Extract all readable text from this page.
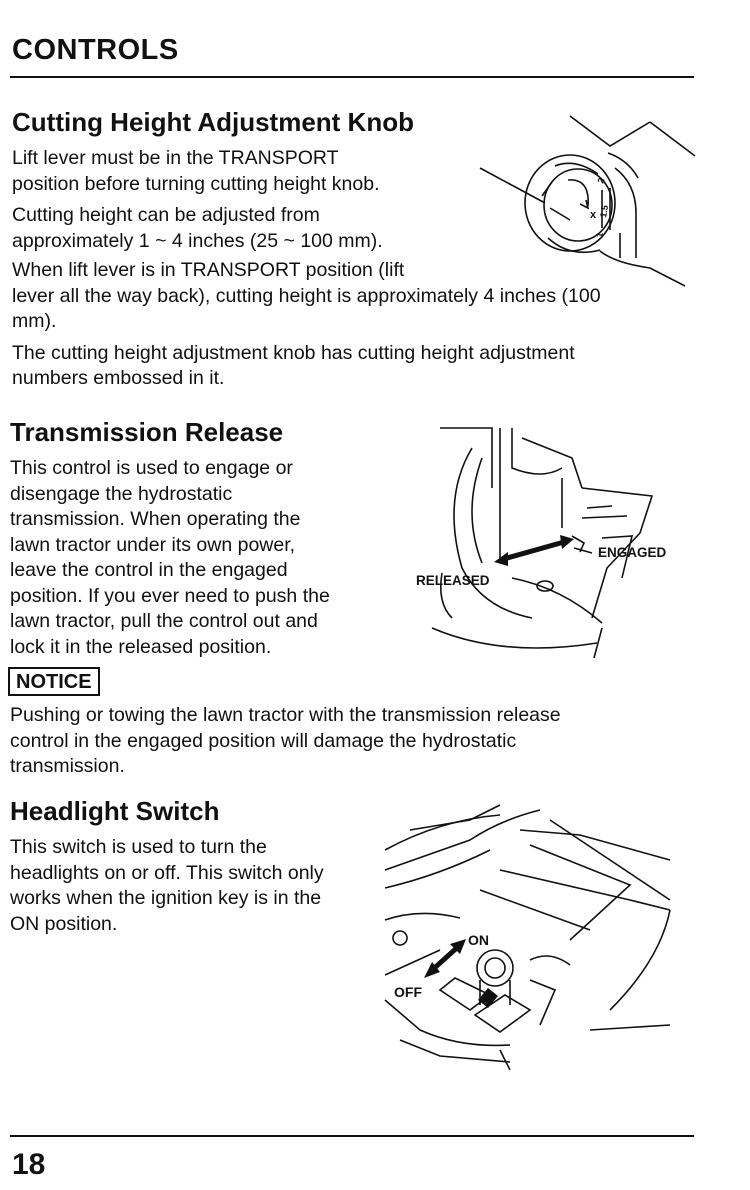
CONTROLS
Cutting Height Adjustment Knob
Lift lever must be in the TRANSPORT
position before turning cutting height knob.
Cutting height can be adjusted from
approximately 1 ~ 4 inches (25 ~ 100 mm).
When lift lever is in TRANSPORT position (lift
lever all the way back), cutting height is approximately 4 inches (100
mm).
The cutting height adjustment knob has cutting height adjustment
numbers embossed in it.
2
1.5
1
x
Transmission Release
This control is used to engage or
disengage the hydrostatic
transmission. When operating the
lawn tractor under its own power,
leave the control in the engaged
position. If you ever need to push the
lawn tractor, pull the control out and
lock it in the released position.
ENGAGED
RELEASED
NOTICE
Pushing or towing the lawn tractor with the transmission release
control in the engaged position will damage the hydrostatic
transmission.
Headlight Switch
This switch is used to turn the
headlights on or off. This switch only
works when the ignition key is in the
ON position.
ON
OFF
18
